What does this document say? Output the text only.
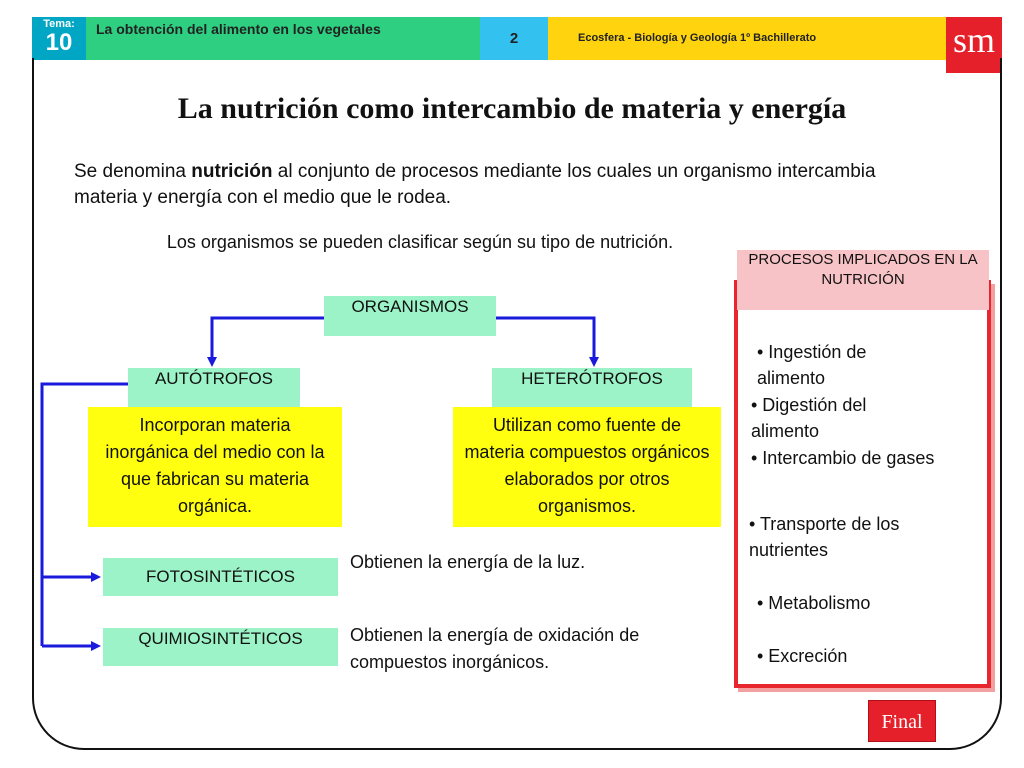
Tema:
10	La obtención del alimento en los vegetales
2	Ecosfera - Biología y Geología 1º Bachillerato	sm
La nutrición como intercambio de materia y energía
Se denomina nutrición al conjunto de procesos mediante los cuales un organismo intercambia materia y energía con el medio que le rodea.
Los organismos se pueden clasificar según su tipo de nutrición.
ORGANISMOS
AUTÓTROFOS	HETERÓTROFOS
Incorporan materia inorgánica del medio con la que fabrican su materia orgánica.
Utilizan como fuente de materia compuestos orgánicos elaborados por otros organismos.
FOTOSINTÉTICOS
Obtienen la energía de la luz.
QUIMIOSINTÉTICOS	Obtienen la energía de oxidación de compuestos inorgánicos.
PROCESOS IMPLICADOS EN LA NUTRICIÓN
• Ingestión de alimento
• Digestión del alimento
• Intercambio de gases
• Transporte de los nutrientes
• Metabolismo
• Excreción
Final
